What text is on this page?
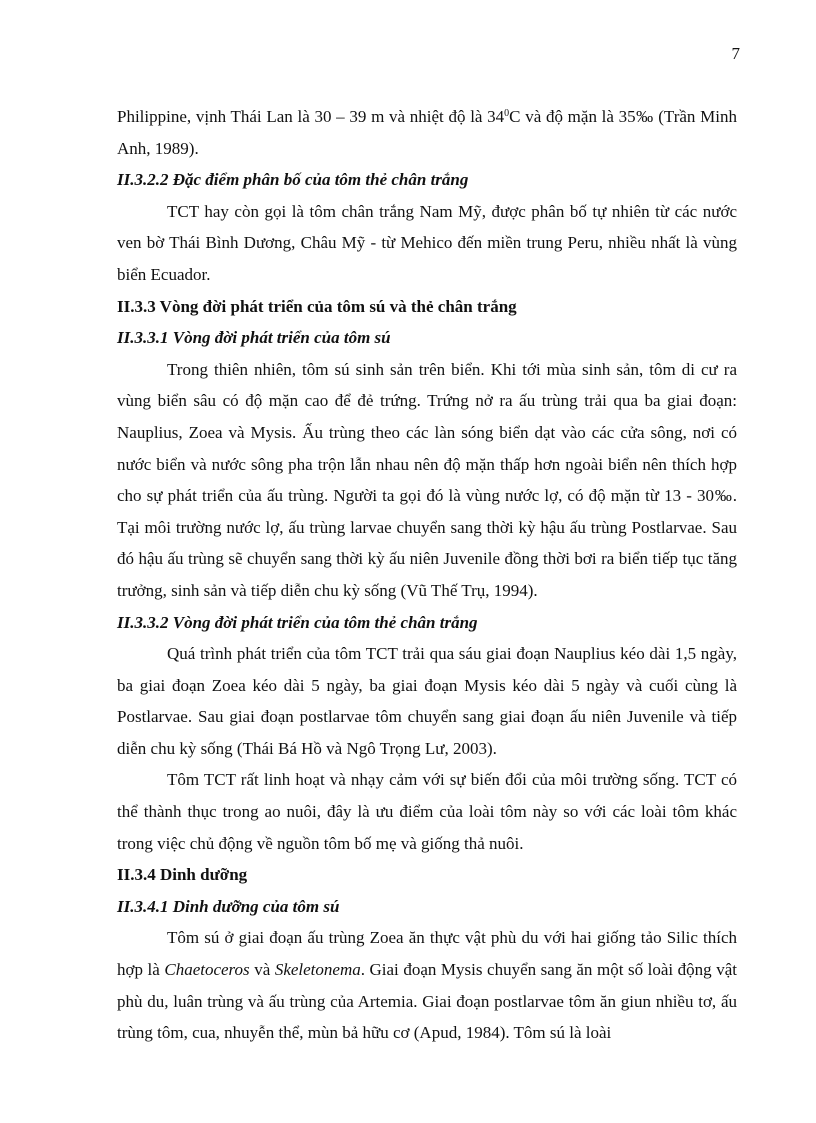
7

Philippine, vịnh Thái Lan là 30 – 39 m và nhiệt độ là $34^0C$ và độ mặn là 35‰ (Trần Minh Anh, 1989).

II.3.2.2 Đặc điểm phân bố của tôm thẻ chân trắng

TCT hay còn gọi là tôm chân trắng Nam Mỹ, được phân bố tự nhiên từ các nước ven bờ Thái Bình Dương, Châu Mỹ - từ Mehico đến miền trung Peru, nhiều nhất là vùng biển Ecuador.

II.3.3 Vòng đời phát triển của tôm sú và thẻ chân trắng

II.3.3.1 Vòng đời phát triển của tôm sú

Trong thiên nhiên, tôm sú sinh sản trên biển. Khi tới mùa sinh sản, tôm di cư ra vùng biển sâu có độ mặn cao để đẻ trứng. Trứng nở ra ấu trùng trải qua ba giai đoạn: Nauplius, Zoea và Mysis. Ấu trùng theo các làn sóng biển dạt vào các cửa sông, nơi có nước biển và nước sông pha trộn lẫn nhau nên độ mặn thấp hơn ngoài biển nên thích hợp cho sự phát triển của ấu trùng. Người ta gọi đó là vùng nước lợ, có độ mặn từ 13 - 30‰. Tại môi trường nước lợ, ấu trùng larvae chuyển sang thời kỳ hậu ấu trùng Postlarvae. Sau đó hậu ấu trùng sẽ chuyển sang thời kỳ ấu niên Juvenile đồng thời bơi ra biển tiếp tục tăng trưởng, sinh sản và tiếp diễn chu kỳ sống (Vũ Thế Trụ, 1994).

II.3.3.2 Vòng đời phát triển của tôm thẻ chân trắng

Quá trình phát triển của tôm TCT trải qua sáu giai đoạn Nauplius kéo dài 1,5 ngày, ba giai đoạn Zoea kéo dài 5 ngày, ba giai đoạn Mysis kéo dài 5 ngày và cuối cùng là Postlarvae. Sau giai đoạn postlarvae tôm chuyển sang giai đoạn ấu niên Juvenile và tiếp diễn chu kỳ sống (Thái Bá Hồ và Ngô Trọng Lư, 2003).

Tôm TCT rất linh hoạt và nhạy cảm với sự biến đổi của môi trường sống. TCT có thể thành thục trong ao nuôi, đây là ưu điểm của loài tôm này so với các loài tôm khác trong việc chủ động về nguồn tôm bố mẹ và giống thả nuôi.

II.3.4 Dinh dưỡng

II.3.4.1 Dinh dưỡng của tôm sú

Tôm sú ở giai đoạn ấu trùng Zoea ăn thực vật phù du với hai giống tảo Silic thích hợp là Chaetoceros và Skeletonema. Giai đoạn Mysis chuyển sang ăn một số loài động vật phù du, luân trùng và ấu trùng của Artemia. Giai đoạn postlarvae tôm ăn giun nhiều tơ, ấu trùng tôm, cua, nhuyễn thể, mùn bả hữu cơ (Apud, 1984). Tôm sú là loài
